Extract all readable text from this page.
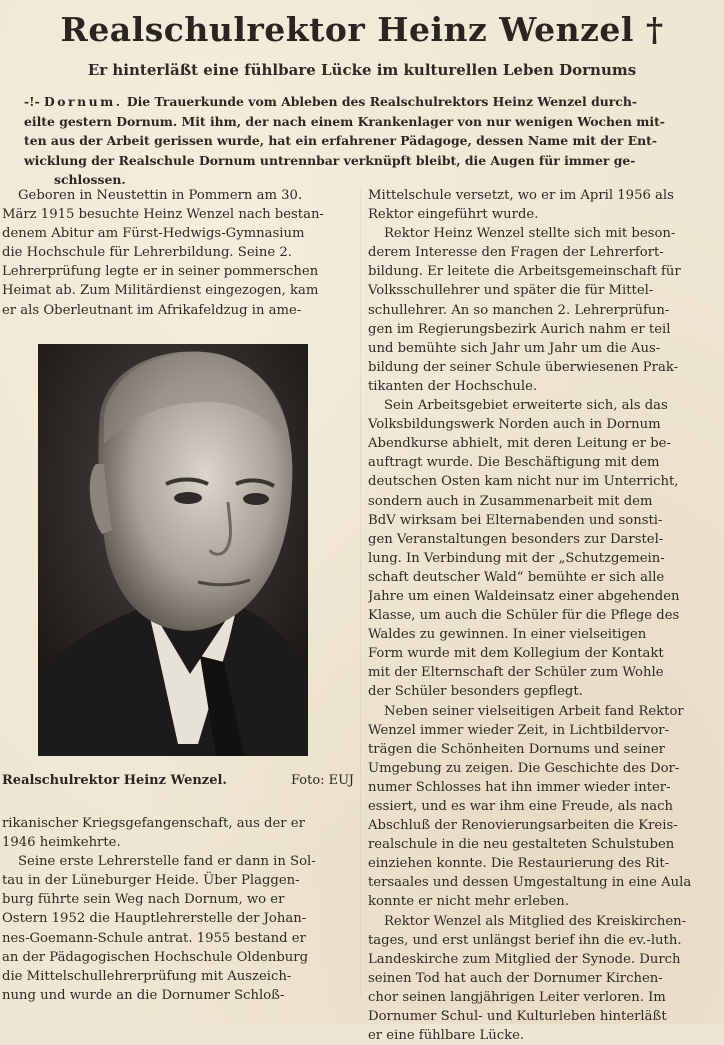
Realschulrektor Heinz Wenzel †
Er hinterläßt eine fühlbare Lücke im kulturellen Leben Dornums
-!- Dornum. Die Trauerkunde vom Ableben des Realschulrektors Heinz Wenzel durch-
eilte gestern Dornum. Mit ihm, der nach einem Krankenlager von nur wenigen Wochen mit-
ten aus der Arbeit gerissen wurde, hat ein erfahrener Pädagoge, dessen Name mit der Ent-
wicklung der Realschule Dornum untrennbar verknüpft bleibt, die Augen für immer ge-
schlossen.
Geboren in Neustettin in Pommern am 30.
März 1915 besuchte Heinz Wenzel nach bestan-
denem Abitur am Fürst-Hedwigs-Gymnasium
die Hochschule für Lehrerbildung. Seine 2.
Lehrerprüfung legte er in seiner pommerschen
Heimat ab. Zum Militärdienst eingezogen, kam
er als Oberleutnant im Afrikafeldzug in ame-
Realschulrektor Heinz Wenzel.	Foto: EUJ
rikanischer Kriegsgefangenschaft, aus der er
1946 heimkehrte.
Seine erste Lehrerstelle fand er dann in Sol-
tau in der Lüneburger Heide. Über Plaggen-
burg führte sein Weg nach Dornum, wo er
Ostern 1952 die Hauptlehrerstelle der Johan-
nes-Goemann-Schule antrat. 1955 bestand er
an der Pädagogischen Hochschule Oldenburg
die Mittelschullehrerprüfung mit Auszeich-
nung und wurde an die Dornumer Schloß-
Mittelschule versetzt, wo er im April 1956 als
Rektor eingeführt wurde.
Rektor Heinz Wenzel stellte sich mit beson-
derem Interesse den Fragen der Lehrerfort-
bildung. Er leitete die Arbeitsgemeinschaft für
Volksschullehrer und später die für Mittel-
schullehrer. An so manchen 2. Lehrerprüfun-
gen im Regierungsbezirk Aurich nahm er teil
und bemühte sich Jahr um Jahr um die Aus-
bildung der seiner Schule überwiesenen Prak-
tikanten der Hochschule.
Sein Arbeitsgebiet erweiterte sich, als das
Volksbildungswerk Norden auch in Dornum
Abendkurse abhielt, mit deren Leitung er be-
auftragt wurde. Die Beschäftigung mit dem
deutschen Osten kam nicht nur im Unterricht,
sondern auch in Zusammenarbeit mit dem
BdV wirksam bei Elternabenden und sonsti-
gen Veranstaltungen besonders zur Darstel-
lung. In Verbindung mit der „Schutzgemein-
schaft deutscher Wald“ bemühte er sich alle
Jahre um einen Waldeinsatz einer abgehenden
Klasse, um auch die Schüler für die Pflege des
Waldes zu gewinnen. In einer vielseitigen
Form wurde mit dem Kollegium der Kontakt
mit der Elternschaft der Schüler zum Wohle
der Schüler besonders gepflegt.
Neben seiner vielseitigen Arbeit fand Rektor
Wenzel immer wieder Zeit, in Lichtbildervor-
trägen die Schönheiten Dornums und seiner
Umgebung zu zeigen. Die Geschichte des Dor-
numer Schlosses hat ihn immer wieder inter-
essiert, und es war ihm eine Freude, als nach
Abschluß der Renovierungsarbeiten die Kreis-
realschule in die neu gestalteten Schulstuben
einziehen konnte. Die Restaurierung des Rit-
tersaales und dessen Umgestaltung in eine Aula
konnte er nicht mehr erleben.
Rektor Wenzel als Mitglied des Kreiskirchen-
tages, und erst unlängst berief ihn die ev.-luth.
Landeskirche zum Mitglied der Synode. Durch
seinen Tod hat auch der Dornumer Kirchen-
chor seinen langjährigen Leiter verloren. Im
Dornumer Schul- und Kulturleben hinterläßt
er eine fühlbare Lücke.
